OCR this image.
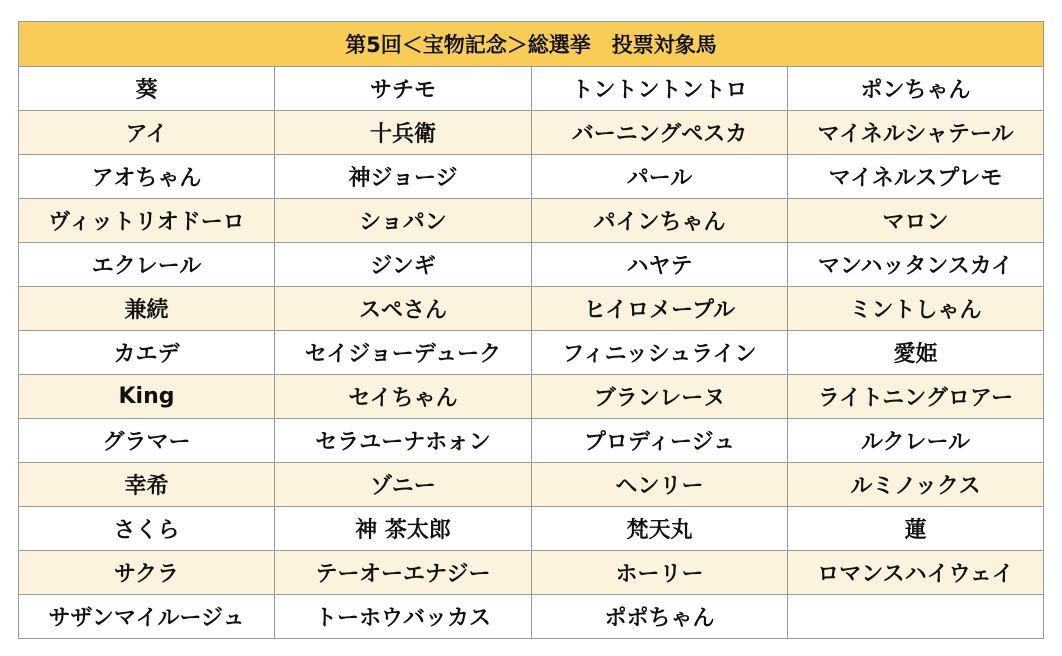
第5回＜宝物記念＞総選挙　投票対象馬			
葵	サチモ	トントントントロ	ポンちゃん
アイ	十兵衛	バーニングペスカ	マイネルシャテール
アオちゃん	神ジョージ	パール	マイネルスプレモ
ヴィットリオドーロ	ショパン	パインちゃん	マロン
エクレール	ジンギ	ハヤテ	マンハッタンスカイ
兼続	スペさん	ヒイロメープル	ミントしゃん
カエデ	セイジョーデューク	フィニッシュライン	愛姫
King	セイちゃん	ブランレーヌ	ライトニングロアー
グラマー	セラユーナホォン	プロディージュ	ルクレール
幸希	ゾニー	ヘンリー	ルミノックス
さくら	神 茶太郎	梵天丸	蓮
サクラ	テーオーエナジー	ホーリー	ロマンスハイウェイ
サザンマイルージュ	トーホウバッカス	ポポちゃん	
